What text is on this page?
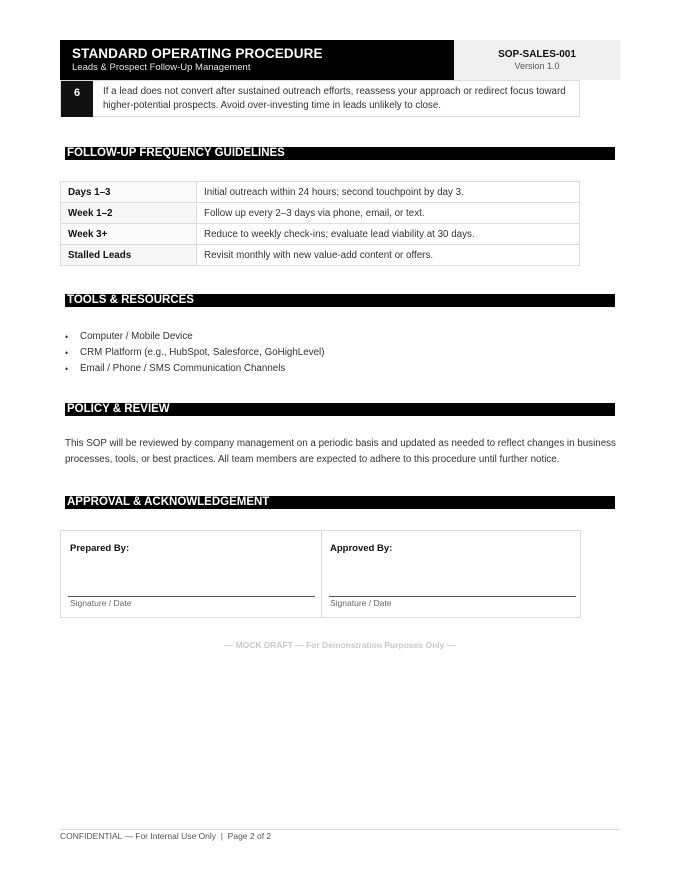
STANDARD OPERATING PROCEDURE
Leads & Prospect Follow-Up Management
SOP-SALES-001
Version 1.0
6	If a lead does not convert after sustained outreach efforts, reassess your approach or redirect focus toward higher-potential prospects. Avoid over-investing time in leads unlikely to close.
FOLLOW-UP FREQUENCY GUIDELINES
Days 1–3	Initial outreach within 24 hours; second touchpoint by day 3.
Week 1–2	Follow up every 2–3 days via phone, email, or text.
Week 3+	Reduce to weekly check-ins; evaluate lead viability at 30 days.
Stalled Leads	Revisit monthly with new value-add content or offers.
TOOLS & RESOURCES
• Computer / Mobile Device
• CRM Platform (e.g., HubSpot, Salesforce, GoHighLevel)
• Email / Phone / SMS Communication Channels
POLICY & REVIEW
This SOP will be reviewed by company management on a periodic basis and updated as needed to reflect changes in business processes, tools, or best practices. All team members are expected to adhere to this procedure until further notice.
APPROVAL & ACKNOWLEDGEMENT
Prepared By:
Signature / Date
Approved By:
Signature / Date
— MOCK DRAFT — For Demonstration Purposes Only —
CONFIDENTIAL — For Internal Use Only  |  Page 2 of 2
